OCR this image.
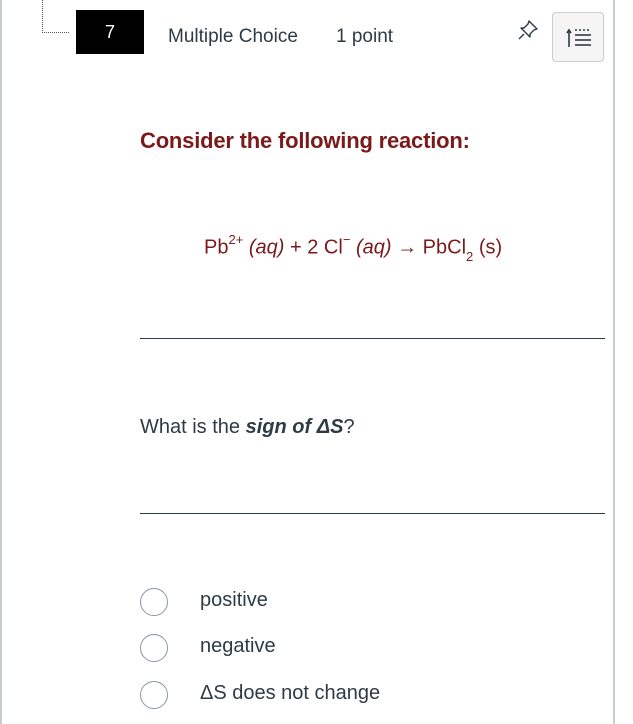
7	Multiple Choice 1 point
Consider the following reaction:
$Pb^{2+}$ (aq) + 2 Cl− (aq) → PbCl$_2$ (s)
What is the sign of ΔS?
positive
negative
ΔS does not change
